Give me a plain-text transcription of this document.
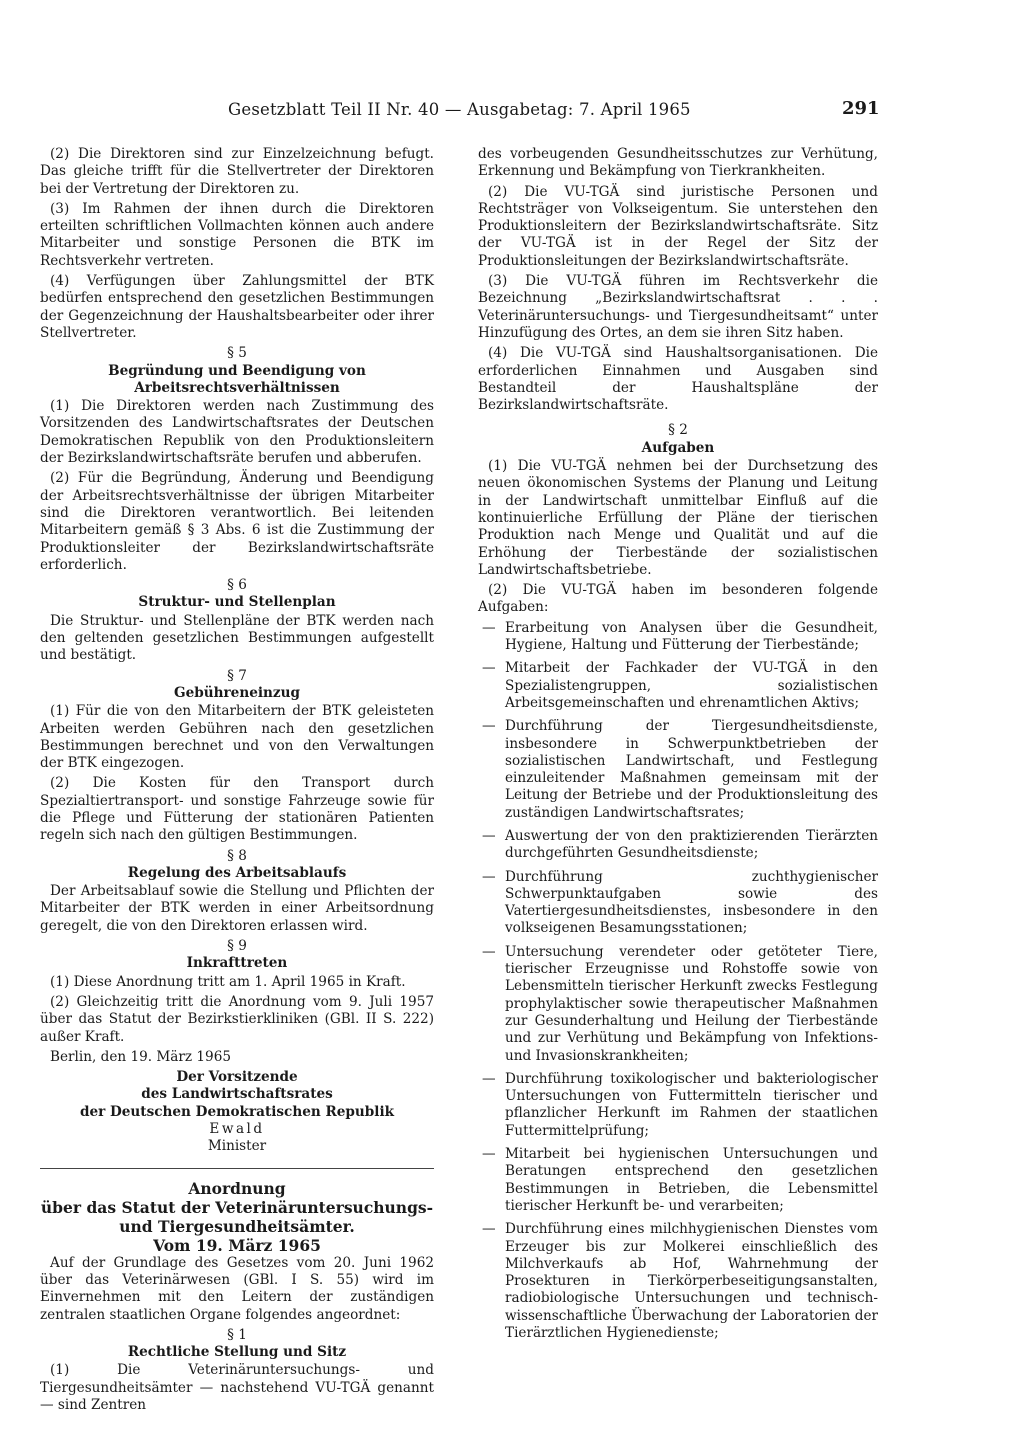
Gesetzblatt Teil II Nr. 40 — Ausgabetag: 7. April 1965	291

(2) Die Direktoren sind zur Einzelzeichnung befugt. Das gleiche trifft für die Stellvertreter der Direktoren bei der Vertretung der Direktoren zu.

(3) Im Rahmen der ihnen durch die Direktoren erteilten schriftlichen Vollmachten können auch andere Mitarbeiter und sonstige Personen die BTK im Rechtsverkehr vertreten.

(4) Verfügungen über Zahlungsmittel der BTK bedürfen entsprechend den gesetzlichen Bestimmungen der Gegenzeichnung der Haushaltsbearbeiter oder ihrer Stellvertreter.

§ 5
Begründung und Beendigung von Arbeitsrechtsverhältnissen

(1) Die Direktoren werden nach Zustimmung des Vorsitzenden des Landwirtschaftsrates der Deutschen Demokratischen Republik von den Produktionsleitern der Bezirkslandwirtschaftsräte berufen und abberufen.

(2) Für die Begründung, Änderung und Beendigung der Arbeitsrechtsverhältnisse der übrigen Mitarbeiter sind die Direktoren verantwortlich. Bei leitenden Mitarbeitern gemäß § 3 Abs. 6 ist die Zustimmung der Produktionsleiter der Bezirkslandwirtschaftsräte erforderlich.

§ 6
Struktur- und Stellenplan

Die Struktur- und Stellenpläne der BTK werden nach den geltenden gesetzlichen Bestimmungen aufgestellt und bestätigt.

§ 7
Gebühreneinzug

(1) Für die von den Mitarbeitern der BTK geleisteten Arbeiten werden Gebühren nach den gesetzlichen Bestimmungen berechnet und von den Verwaltungen der BTK eingezogen.

(2) Die Kosten für den Transport durch Spezialtiertransport- und sonstige Fahrzeuge sowie für die Pflege und Fütterung der stationären Patienten regeln sich nach den gültigen Bestimmungen.

§ 8
Regelung des Arbeitsablaufs

Der Arbeitsablauf sowie die Stellung und Pflichten der Mitarbeiter der BTK werden in einer Arbeitsordnung geregelt, die von den Direktoren erlassen wird.

§ 9
Inkrafttreten

(1) Diese Anordnung tritt am 1. April 1965 in Kraft.

(2) Gleichzeitig tritt die Anordnung vom 9. Juli 1957 über das Statut der Bezirkstierkliniken (GBl. II S. 222) außer Kraft.

Berlin, den 19. März 1965

Der Vorsitzende
des Landwirtschaftsrates
der Deutschen Demokratischen Republik
Ewald
Minister
Anordnung
über das Statut der Veterinäruntersuchungs- und Tiergesundheitsämter.
Vom 19. März 1965

Auf der Grundlage des Gesetzes vom 20. Juni 1962 über das Veterinärwesen (GBl. I S. 55) wird im Einvernehmen mit den Leitern der zuständigen zentralen staatlichen Organe folgendes angeordnet:

§ 1
Rechtliche Stellung und Sitz

(1) Die Veterinäruntersuchungs- und Tiergesundheitsämter — nachstehend VU-TGÄ genannt — sind Zentren

des vorbeugenden Gesundheitsschutzes zur Verhütung, Erkennung und Bekämpfung von Tierkrankheiten.

(2) Die VU-TGÄ sind juristische Personen und Rechtsträger von Volkseigentum. Sie unterstehen den Produktionsleitern der Bezirkslandwirtschaftsräte. Sitz der VU-TGÄ ist in der Regel der Sitz der Produktionsleitungen der Bezirkslandwirtschaftsräte.

(3) Die VU-TGÄ führen im Rechtsverkehr die Bezeichnung „Bezirkslandwirtschaftsrat . . . Veterinäruntersuchungs- und Tiergesundheitsamt“ unter Hinzufügung des Ortes, an dem sie ihren Sitz haben.

(4) Die VU-TGÄ sind Haushaltsorganisationen. Die erforderlichen Einnahmen und Ausgaben sind Bestandteil der Haushaltspläne der Bezirkslandwirtschaftsräte.

§ 2
Aufgaben

(1) Die VU-TGÄ nehmen bei der Durchsetzung des neuen ökonomischen Systems der Planung und Leitung in der Landwirtschaft unmittelbar Einfluß auf die kontinuierliche Erfüllung der Pläne der tierischen Produktion nach Menge und Qualität und auf die Erhöhung der Tierbestände der sozialistischen Landwirtschaftsbetriebe.

(2) Die VU-TGÄ haben im besonderen folgende Aufgaben:

— Erarbeitung von Analysen über die Gesundheit, Hygiene, Haltung und Fütterung der Tierbestände;
— Mitarbeit der Fachkader der VU-TGÄ in den Spezialistengruppen, sozialistischen Arbeitsgemeinschaften und ehrenamtlichen Aktivs;
— Durchführung der Tiergesundheitsdienste, insbesondere in Schwerpunktbetrieben der sozialistischen Landwirtschaft, und Festlegung einzuleitender Maßnahmen gemeinsam mit der Leitung der Betriebe und der Produktionsleitung des zuständigen Landwirtschaftsrates;
— Auswertung der von den praktizierenden Tierärzten durchgeführten Gesundheitsdienste;
— Durchführung zuchthygienischer Schwerpunktaufgaben sowie des Vatertiergesundheitsdienstes, insbesondere in den volkseigenen Besamungsstationen;
— Untersuchung verendeter oder getöteter Tiere, tierischer Erzeugnisse und Rohstoffe sowie von Lebensmitteln tierischer Herkunft zwecks Festlegung prophylaktischer sowie therapeutischer Maßnahmen zur Gesunderhaltung und Heilung der Tierbestände und zur Verhütung und Bekämpfung von Infektions- und Invasionskrankheiten;
— Durchführung toxikologischer und bakteriologischer Untersuchungen von Futtermitteln tierischer und pflanzlicher Herkunft im Rahmen der staatlichen Futtermittelprüfung;
— Mitarbeit bei hygienischen Untersuchungen und Beratungen entsprechend den gesetzlichen Bestimmungen in Betrieben, die Lebensmittel tierischer Herkunft be- und verarbeiten;
— Durchführung eines milchhygienischen Dienstes vom Erzeuger bis zur Molkerei einschließlich des Milchverkaufs ab Hof, Wahrnehmung der Prosekturen in Tierkörperbeseitigungsanstalten, radiobiologische Untersuchungen und technisch-wissenschaftliche Überwachung der Laboratorien der Tierärztlichen Hygienedienste;
